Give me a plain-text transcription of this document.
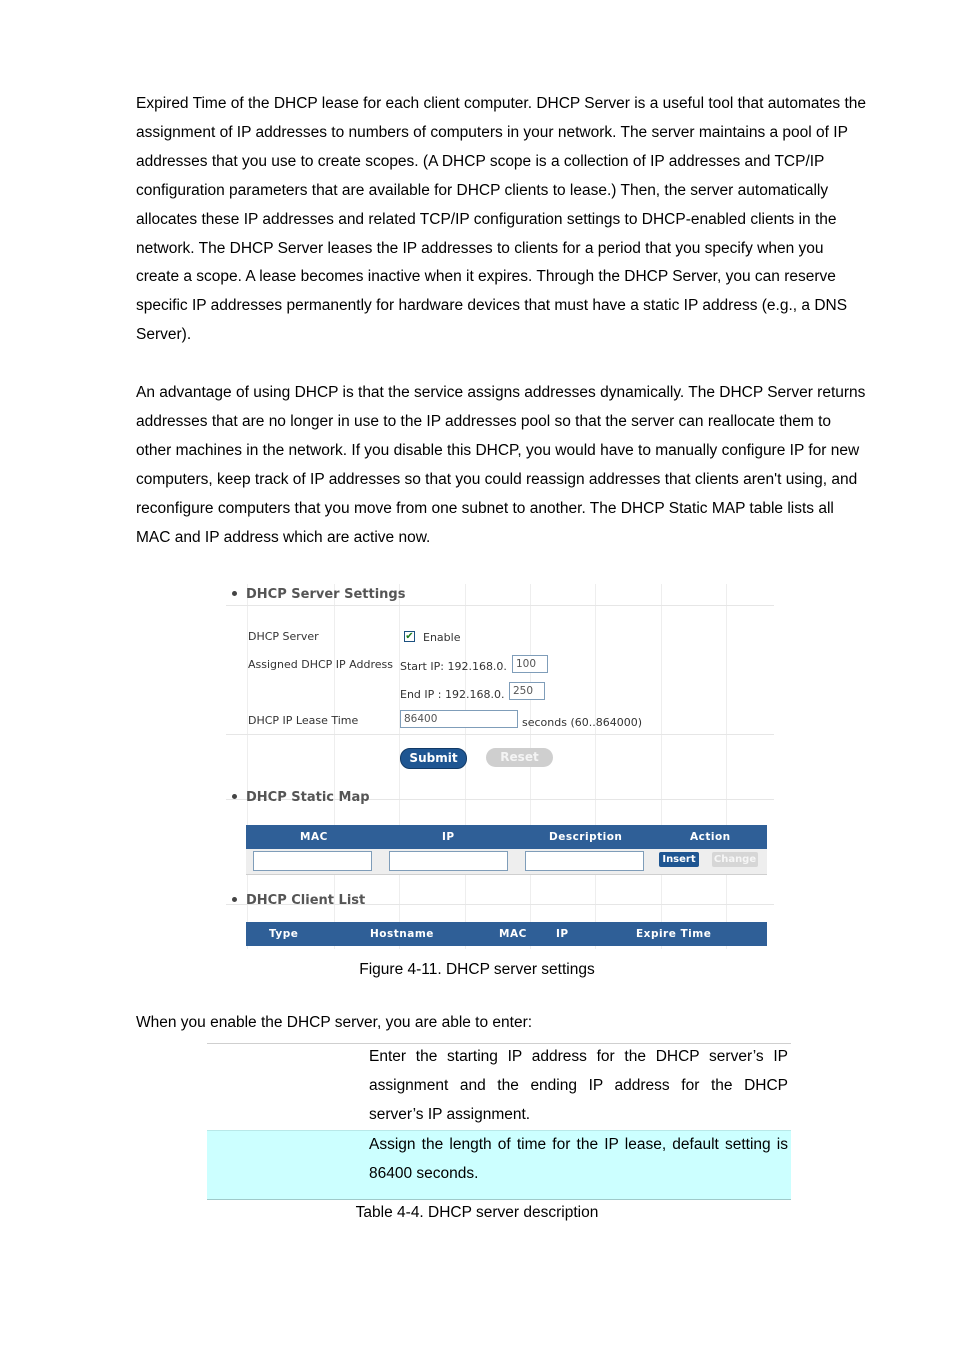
Expired Time of the DHCP lease for each client computer. DHCP Server is a useful tool that automates the assignment of IP addresses to numbers of computers in your network. The server maintains a pool of IP addresses that you use to create scopes. (A DHCP scope is a collection of IP addresses and TCP/IP configuration parameters that are available for DHCP clients to lease.) Then, the server automatically allocates these IP addresses and related TCP/IP configuration settings to DHCP-enabled clients in the network. The DHCP Server leases the IP addresses to clients for a period that you specify when you create a scope. A lease becomes inactive when it expires. Through the DHCP Server, you can reserve specific IP addresses permanently for hardware devices that must have a static IP address (e.g., a DNS Server).
An advantage of using DHCP is that the service assigns addresses dynamically. The DHCP Server returns addresses that are no longer in use to the IP addresses pool so that the server can reallocate them to other machines in the network. If you disable this DHCP, you would have to manually configure IP for new computers, keep track of IP addresses so that you could reassign addresses that clients aren't using, and reconfigure computers that you move from one subnet to another. The DHCP Static MAP table lists all MAC and IP address which are active now.
DHCP Server Settings
DHCP Server	✔ Enable
Assigned DHCP IP Address Start IP: 192.168.0. 100
End IP : 192.168.0. 250
DHCP IP Lease Time	86400	seconds (60..864000)
Submit	Reset
DHCP Static Map
MAC	IP	Description	Action
Insert	Change
DHCP Client List
Type	Hostname	MAC	IP	Expire Time
Figure 4-11. DHCP server settings
When you enable the DHCP server, you are able to enter:
Enter the starting IP address for the DHCP server’s IP assignment and the ending IP address for the DHCP server’s IP assignment.
Assign the length of time for the IP lease, default setting is 86400 seconds.
Table 4-4. DHCP server description
